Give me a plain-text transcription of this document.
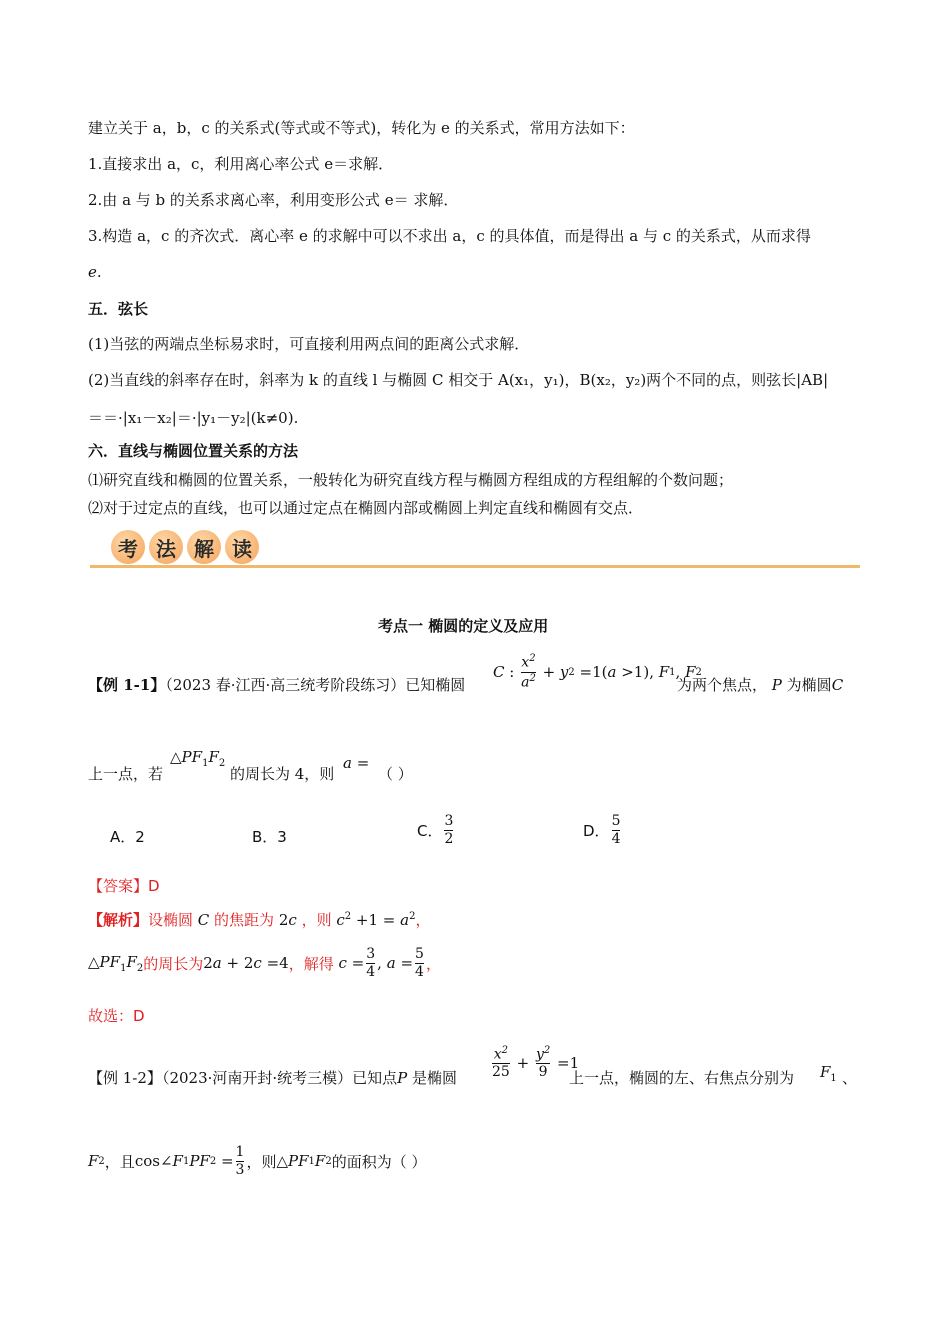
建立关于 a，b，c 的关系式(等式或不等式)，转化为 e 的关系式，常用方法如下：
1.直接求出 a，c，利用离心率公式 e＝求解．
2.由 a 与 b 的关系求离心率，利用变形公式 e＝ 求解．
3.构造 a，c 的齐次式．离心率 e 的求解中可以不求出 a，c 的具体值，而是得出 a 与 c 的关系式，从而求得
e.
五．弦长
(1)当弦的两端点坐标易求时，可直接利用两点间的距离公式求解．
(2)当直线的斜率存在时，斜率为 k 的直线 l 与椭圆 C 相交于 A(x₁，y₁)，B(x₂，y₂)两个不同的点，则弦长|AB|
＝＝·|x₁－x₂|＝·|y₁－y₂|(k≠0).
六．直线与椭圆位置关系的方法
⑴研究直线和椭圆的位置关系，一般转化为研究直线方程与椭圆方程组成的方程组解的个数问题；
⑵对于过定点的直线，也可以通过定点在椭圆内部或椭圆上判定直线和椭圆有交点．
考 法 解 读
考点一 椭圆的定义及应用
【例 1-1】（2023 春·江西·高三统考阶段练习）已知椭圆
C : $\frac{x^2}{a^2} + y$ 2 =1( a >1), F 1 , F 2
为两个焦点， P 为椭圆C
上一点，若
$\triangle PF_1F_2$
的周长为 4，则
a =
（ ）
A．2	B．3	C． $\frac{3}{2}$	D． $\frac{5}{4}$
【答案】D
【解析】 设椭圆 C 的焦距为 2c ，则 $c^2 +1 = a^2$ ，
$\triangle PF_1F_2$ 的周长为 2a + 2c =4 ，解得
$c = \frac{3}{4}$ , $a = \frac{5}{4}$ ，
故选：D
【例 1-2】（2023·河南开封·统考三模）已知点P 是椭圆 $\frac{x^2}{25} + \frac{y^2}{9} =1$
上一点，椭圆的左、右焦点分别为 $F_1$ 、
F 2 ，且 cos∠ F 1 PF $2 = \frac{1}{3}$ ，则 △ PF 1 F 2 的面积为（ ）
